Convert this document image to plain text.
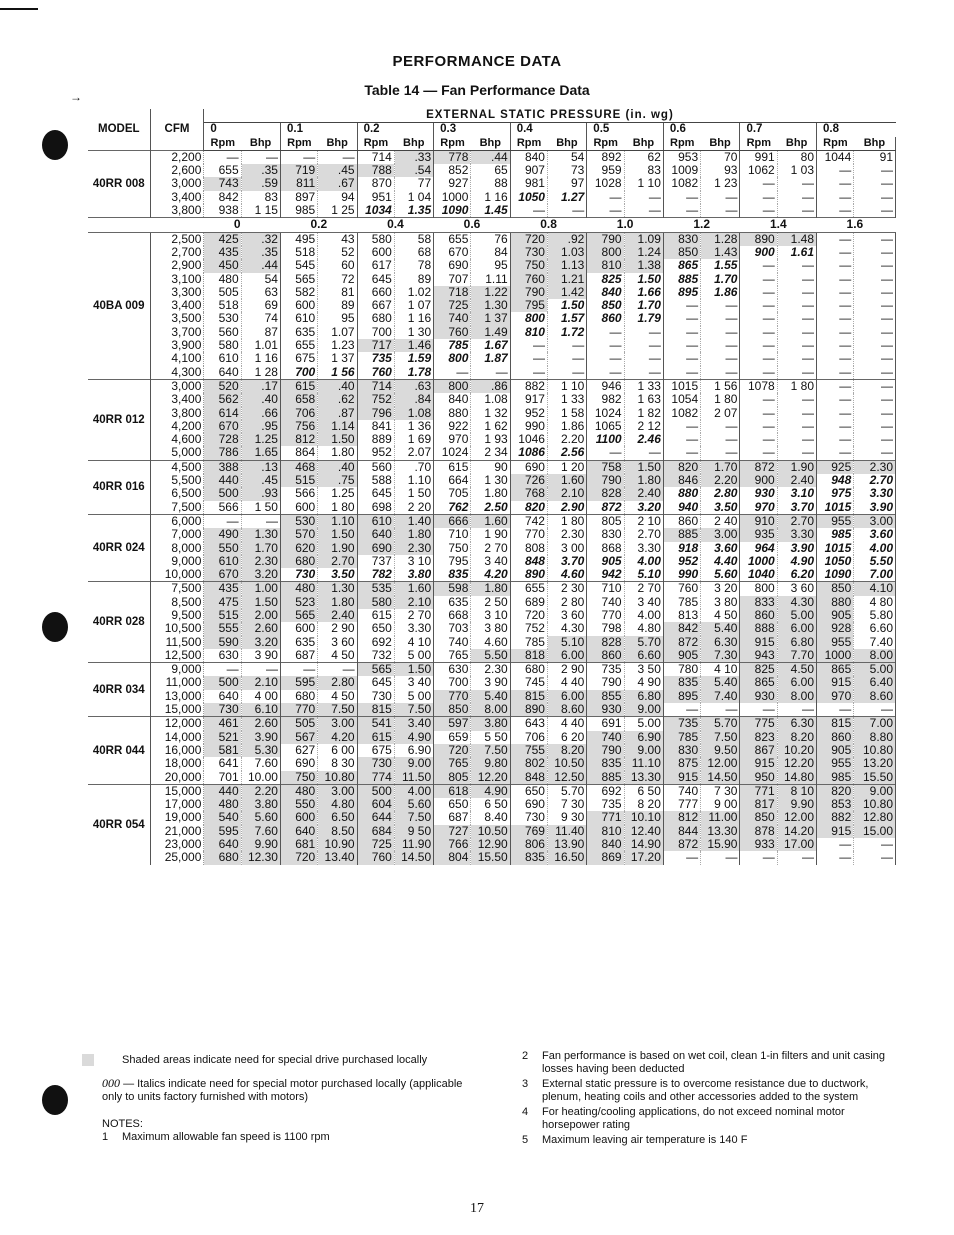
→
PERFORMANCE DATA
Table 14 — Fan Performance Data
MODEL	CFM	EXTERNAL STATIC PRESSURE (in. wg)																	
		0		0.1		0.2		0.3		0.4		0.5		0.6		0.7		0.8	
		Rpm	Bhp	Rpm	Bhp	Rpm	Bhp	Rpm	Bhp	Rpm	Bhp	Rpm	Bhp	Rpm	Bhp	Rpm	Bhp	Rpm	Bhp
40RR 008	2,200	—	—	—	—	714	.33	778	.44	840	54	892	62	953	70	991	80	1044	91
	2,600	655	.35	719	.45	788	.54	852	65	907	73	959	83	1009	93	1062	1 03	—	—
	3,000	743	.59	811	.67	870	77	927	88	981	97	1028	1 10	1082	1 23	—	—	—	—
	3,400	842	83	897	94	951	1 04	1000	1 16	1050	1.27	—	—	—	—	—	—	—	—
	3,800	938	1 15	985	1 25	1034	1.35	1090	1.45	—	—	—	—	—	—	—	—	—	—
		0		0.2		0.4		0.6		0.8		1.0		1.2		1.4		1.6	
40BA 009	2,500	425	.32	495	43	580	58	655	76	720	.92	790	1.09	830	1.28	890	1.48	—	—
	2,700	435	.35	518	52	600	68	670	84	730	1.03	800	1.24	850	1.43	900	1.61	—	—
	2,900	450	.44	545	60	617	78	690	95	750	1.13	810	1.38	865	1.55	—	—	—	—
	3,100	480	54	565	72	645	89	707	1.11	760	1.21	825	1.50	885	1.70	—	—	—	—
	3,300	505	63	582	81	660	1.02	718	1.22	790	1.42	840	1.66	895	1.86	—	—	—	—
	3,400	518	69	600	89	667	1 07	725	1.30	795	1.50	850	1.70	—	—	—	—	—	—
	3,500	530	74	610	95	680	1 16	740	1 37	800	1.57	860	1.79	—	—	—	—	—	—
	3,700	560	87	635	1.07	700	1 30	760	1.49	810	1.72	—	—	—	—	—	—	—	—
	3,900	580	1.01	655	1.23	717	1.46	785	1.67	—	—	—	—	—	—	—	—	—	—
	4,100	610	1 16	675	1 37	735	1.59	800	1.87	—	—	—	—	—	—	—	—	—	—
	4,300	640	1 28	700	1 56	760	1.78	—	—	—	—	—	—	—	—	—	—	—	—
40RR 012	3,000	520	.17	615	.40	714	.63	800	.86	882	1 10	946	1 33	1015	1 56	1078	1 80	—	—
	3,400	562	.40	658	.62	752	.84	840	1.08	917	1 33	982	1 63	1054	1 80	—	—	—	—
	3,800	614	.66	706	.87	796	1.08	880	1 32	952	1 58	1024	1 82	1082	2 07	—	—	—	—
	4,200	670	.95	756	1.14	841	1 36	922	1 62	990	1.86	1065	2 12	—	—	—	—	—	—
	4,600	728	1.25	812	1.50	889	1 69	970	1 93	1046	2.20	1100	2.46	—	—	—	—	—	—
	5,000	786	1.65	864	1.80	952	2.07	1024	2 34	1086	2.56	—	—	—	—	—	—	—	—
40RR 016	4,500	388	.13	468	.40	560	.70	615	90	690	1 20	758	1.50	820	1.70	872	1.90	925	2.30
	5,500	440	.45	515	.75	588	1.10	664	1 30	726	1.60	790	1.80	846	2.20	900	2.40	948	2.70
	6,500	500	.93	566	1.25	645	1 50	705	1.80	768	2.10	828	2.40	880	2.80	930	3.10	975	3.30
	7,500	566	1 50	600	1 80	698	2 20	762	2.50	820	2.90	872	3.20	940	3.50	970	3.70	1015	3.90
40RR 024	6,000	—	—	530	1.10	610	1.40	666	1.60	742	1 80	805	2 10	860	2 40	910	2.70	955	3.00
	7,000	490	1.30	570	1.50	640	1.80	710	1 90	770	2.30	830	2.70	885	3.00	935	3.30	985	3.60
	8,000	550	1.70	620	1.90	690	2.30	750	2 70	808	3 00	868	3.30	918	3.60	964	3.90	1015	4.00
	9,000	610	2.30	680	2.70	737	3 10	795	3 40	848	3.70	905	4.00	952	4.40	1000	4.90	1050	5.50
	10,000	670	3.20	730	3.50	782	3.80	835	4.20	890	4.60	942	5.10	990	5.60	1040	6.20	1090	7.00
40RR 028	7,500	435	1.00	480	1.30	535	1.60	598	1.80	655	2 30	710	2 70	760	3 20	800	3 60	850	4.10
	8,500	475	1.50	523	1.80	580	2.10	635	2 50	689	2 80	740	3 40	785	3 80	833	4.30	880	4 80
	9,500	515	2.00	565	2.40	615	2 70	668	3 10	720	3 60	770	4.00	813	4 50	860	5.00	905	5.80
	10,500	555	2.60	600	2 90	650	3.30	703	3 80	752	4.30	798	4.80	842	5.40	888	6.00	928	6.60
	11,500	590	3.20	635	3 60	692	4 10	740	4.60	785	5.10	828	5.70	872	6.30	915	6.80	955	7.40
	12,500	630	3 90	687	4 50	732	5 00	765	5.50	818	6.00	860	6.60	905	7.30	943	7.70	1000	8.00
40RR 034	9,000	—	—	—	—	565	1.50	630	2.30	680	2 90	735	3 50	780	4 10	825	4.50	865	5.00
	11,000	500	2.10	595	2.80	645	3 40	700	3 90	745	4 40	790	4 90	835	5.40	865	6.00	915	6.40
	13,000	640	4 00	680	4 50	730	5 00	770	5.40	815	6.00	855	6.80	895	7.40	930	8.00	970	8.60
	15,000	730	6.10	770	7.50	815	7.50	850	8.00	890	8.60	930	9.00	—	—	—	—	—	—
40RR 044	12,000	461	2.60	505	3.00	541	3.40	597	3.80	643	4 40	691	5.00	735	5.70	775	6.30	815	7.00
	14,000	521	3.90	567	4.20	615	4.90	659	5 50	706	6 20	740	6.90	785	7.50	823	8.20	860	8.80
	16,000	581	5.30	627	6 00	675	6.90	720	7.50	755	8.20	790	9.00	830	9.50	867	10.20	905	10.80
	18,000	641	7.60	690	8 30	730	9.00	765	9.80	802	10.50	835	11.10	875	12.00	915	12.20	955	13.20
	20,000	701	10.00	750	10.80	774	11.50	805	12.20	848	12.50	885	13.30	915	14.50	950	14.80	985	15.50
40RR 054	15,000	440	2.20	480	3.00	500	4.00	618	4.90	650	5.70	692	6 50	740	7 30	771	8 10	820	9.00
	17,000	480	3.80	550	4.80	604	5.60	650	6 50	690	7 30	735	8 20	777	9 00	817	9.90	853	10.80
	19,000	540	5.60	600	6.50	644	7.50	687	8.40	730	9 30	771	10.10	812	11.00	850	12.00	882	12.80
	21,000	595	7.60	640	8.50	684	9 50	727	10.50	769	11.40	810	12.40	844	13.30	878	14.20	915	15.00
	23,000	640	9.90	681	10.90	725	11.90	766	12.90	806	13.90	840	14.90	872	15.90	933	17.00	—	—
	25,000	680	12.30	720	13.40	760	14.50	804	15.50	835	16.50	869	17.20	—	—	—	—	—	—
Shaded areas indicate need for special drive purchased locally
000 — Italics indicate need for special motor purchased locally (applicable only to units factory furnished with motors)
NOTES:
1 Maximum allowable fan speed is 1100 rpm
2 Fan performance is based on wet coil, clean 1-in filters and unit casing losses having been deducted
3 External static pressure is to overcome resistance due to ductwork, plenum, heating coils and other accessories added to the system
4 For heating/cooling applications, do not exceed nominal motor horsepower rating
5 Maximum leaving air temperature is 140 F
17
